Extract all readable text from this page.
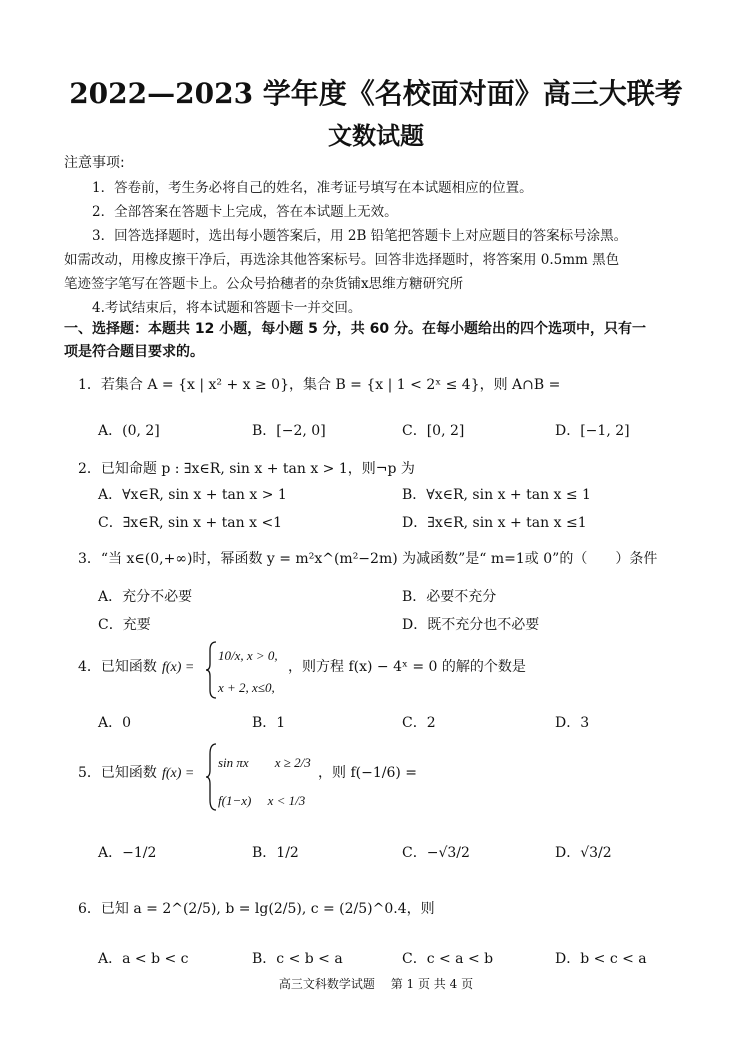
2022—2023 学年度《名校面对面》高三大联考
文数试题
注意事项:
1．答卷前，考生务必将自己的姓名，准考证号填写在本试题相应的位置。
2．全部答案在答题卡上完成，答在本试题上无效。
3．回答选择题时，选出每小题答案后，用 2B 铅笔把答题卡上对应题目的答案标号涂黑。
如需改动，用橡皮擦干净后，再选涂其他答案标号。回答非选择题时，将答案用 0.5mm 黑色
笔迹签字笔写在答题卡上。公众号拾穗者的杂货铺x思维方糖研究所
4.考试结束后，将本试题和答题卡一并交回。
一、选择题：本题共 12 小题，每小题 5 分，共 60 分。在每小题给出的四个选项中，只有一
项是符合题目要求的。
1．若集合 A = {x | x² + x ≥ 0}，集合 B = {x | 1 < 2ˣ ≤ 4}，则 A∩B =
A．(0, 2]	B．[−2, 0]	C．[0, 2]	D．[−1, 2]
2．已知命题 p : ∃x∈R, sin x + tan x > 1，则¬p 为
A．∀x∈R, sin x + tan x > 1	B．∀x∈R, sin x + tan x ≤ 1
C．∃x∈R, sin x + tan x <1	D．∃x∈R, sin x + tan x ≤1
3．“当 x∈(0,+∞)时，幂函数 y = m²x^(m²−2m) 为减函数”是“ m=1或 0”的（　　）条件
A．充分不必要	B．必要不充分
C．充要	D．既不充分也不必要
4．已知函数 f(x) =
10/x, x > 0,
x + 2, x≤0,
，则方程 f(x) − 4ˣ = 0 的解的个数是
A．0	B．1	C．2	D．3
5．已知函数 f(x) =
sin πx　　x ≥ 2/3
f(1−x)　 x < 1/3
，则 f(−1/6) =
A．−1/2	B．1/2	C．−√3/2	D．√3/2
6．已知 a = 2^(2/5), b = lg(2/5), c = (2/5)^0.4，则
A．a < b < c	B．c < b < a	C．c < a < b	D．b < c < a
高三文科数学试题　 第 1 页 共 4 页
